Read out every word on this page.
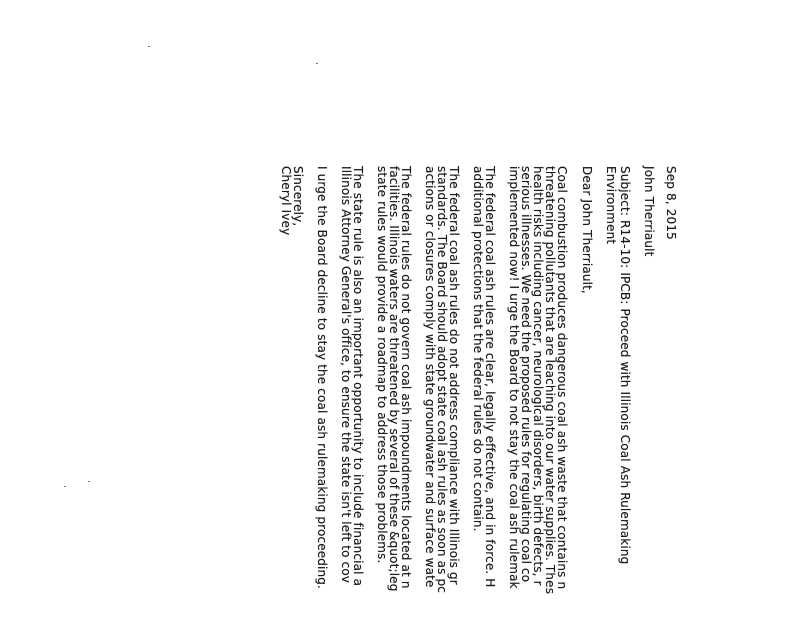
Sep 8, 2015
John Therriault
Subject: R14-10: IPCB: Proceed with Illinois Coal Ash Rulemaking
Environment
Dear John Therriault,
Coal combustion produces dangerous coal ash waste that contains n
threatening pollutants that are leaching into our water supplies. Thes
health risks including cancer, neurological disorders, birth defects, r
serious illnesses. We need the proposed rules for regulating coal co
implemented now! I urge the Board to not stay the coal ash rulemak
The federal coal ash rules are clear, legally effective, and in force. H
additional protections that the federal rules do not contain.
The federal coal ash rules do not address compliance with Illinois gr
standards. The Board should adopt state coal ash rules as soon as pc
actions or closures comply with state groundwater and surface wate
The federal rules do not govern coal ash impoundments located at n
facilities. Illinois waters are threatened by several of these &quot;leg
state rules would provide a roadmap to address those problems.
The state rule is also an important opportunity to include financial a
Illinois Attorney General's office, to ensure the state isn't left to cov
I urge the Board decline to stay the coal ash rulemaking proceeding.
Sincerely,
Cheryl Ivey
